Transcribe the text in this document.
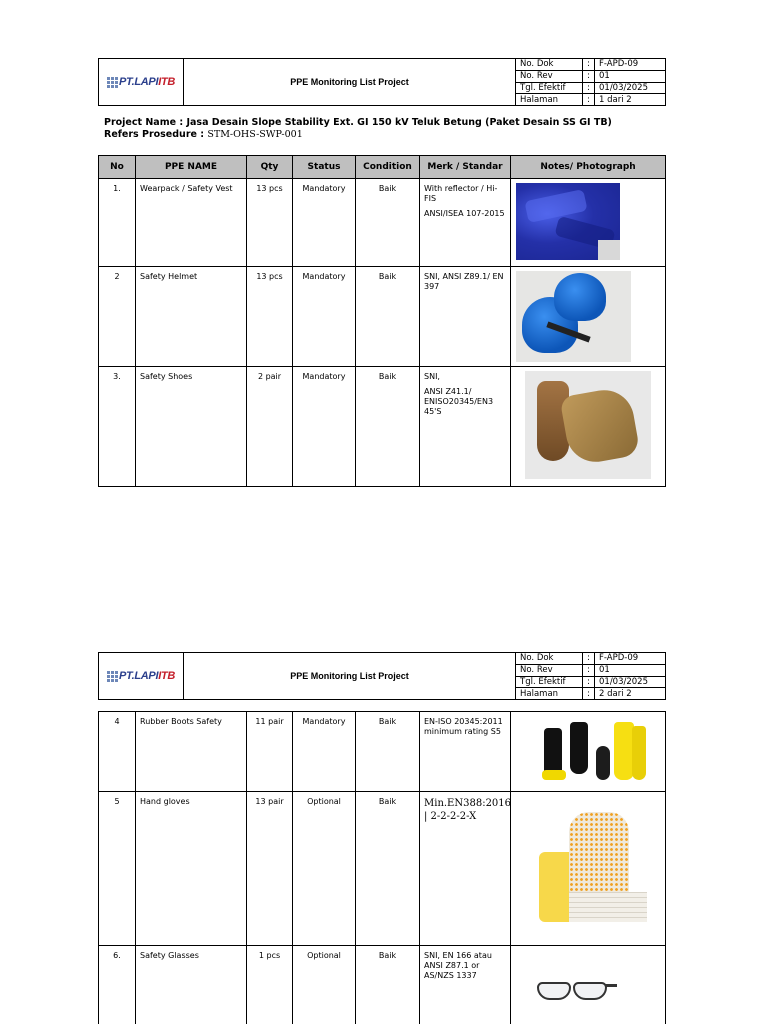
PT.LAPIITB	PPE Monitoring List Project
No. Dok	:	F-APD-09
No. Rev	:	01
Tgl. Efektif	:	01/03/2025
Halaman	:	1 dari 2
Project Name : Jasa Desain Slope Stability Ext. GI 150 kV Teluk Betung (Paket Desain SS GI TB)
Refers Prosedure : STM-OHS-SWP-001
No	PPE NAME	Qty	Status	Condition	Merk / Standar	Notes/ Photograph
1.	Wearpack / Safety Vest	13 pcs	Mandatory	Baik	With reflector / Hi-FIS

ANSI/ISEA 107-2015	

2	Safety Helmet	13 pcs	Mandatory	Baik	SNI, ANSI Z89.1/ EN 397	

3.	Safety Shoes	2 pair	Mandatory	Baik	SNI,

ANSI Z41.1/ ENISO20345/EN3 45'S	

PT.LAPIITB	PPE Monitoring List Project
No. Dok	:	F-APD-09
No. Rev	:	01
Tgl. Efektif	:	01/03/2025
Halaman	:	2 dari 2
4	Rubber Boots Safety	11 pair	Mandatory	Baik	EN-ISO 20345:2011 minimum rating S5	

5	Hand gloves	13 pair	Optional	Baik	Min.EN388:2016 | 2-2-2-2-X	

6.	Safety Glasses	1 pcs	Optional	Baik	SNI, EN 166 atau ANSI Z87.1 or AS/NZS 1337	
